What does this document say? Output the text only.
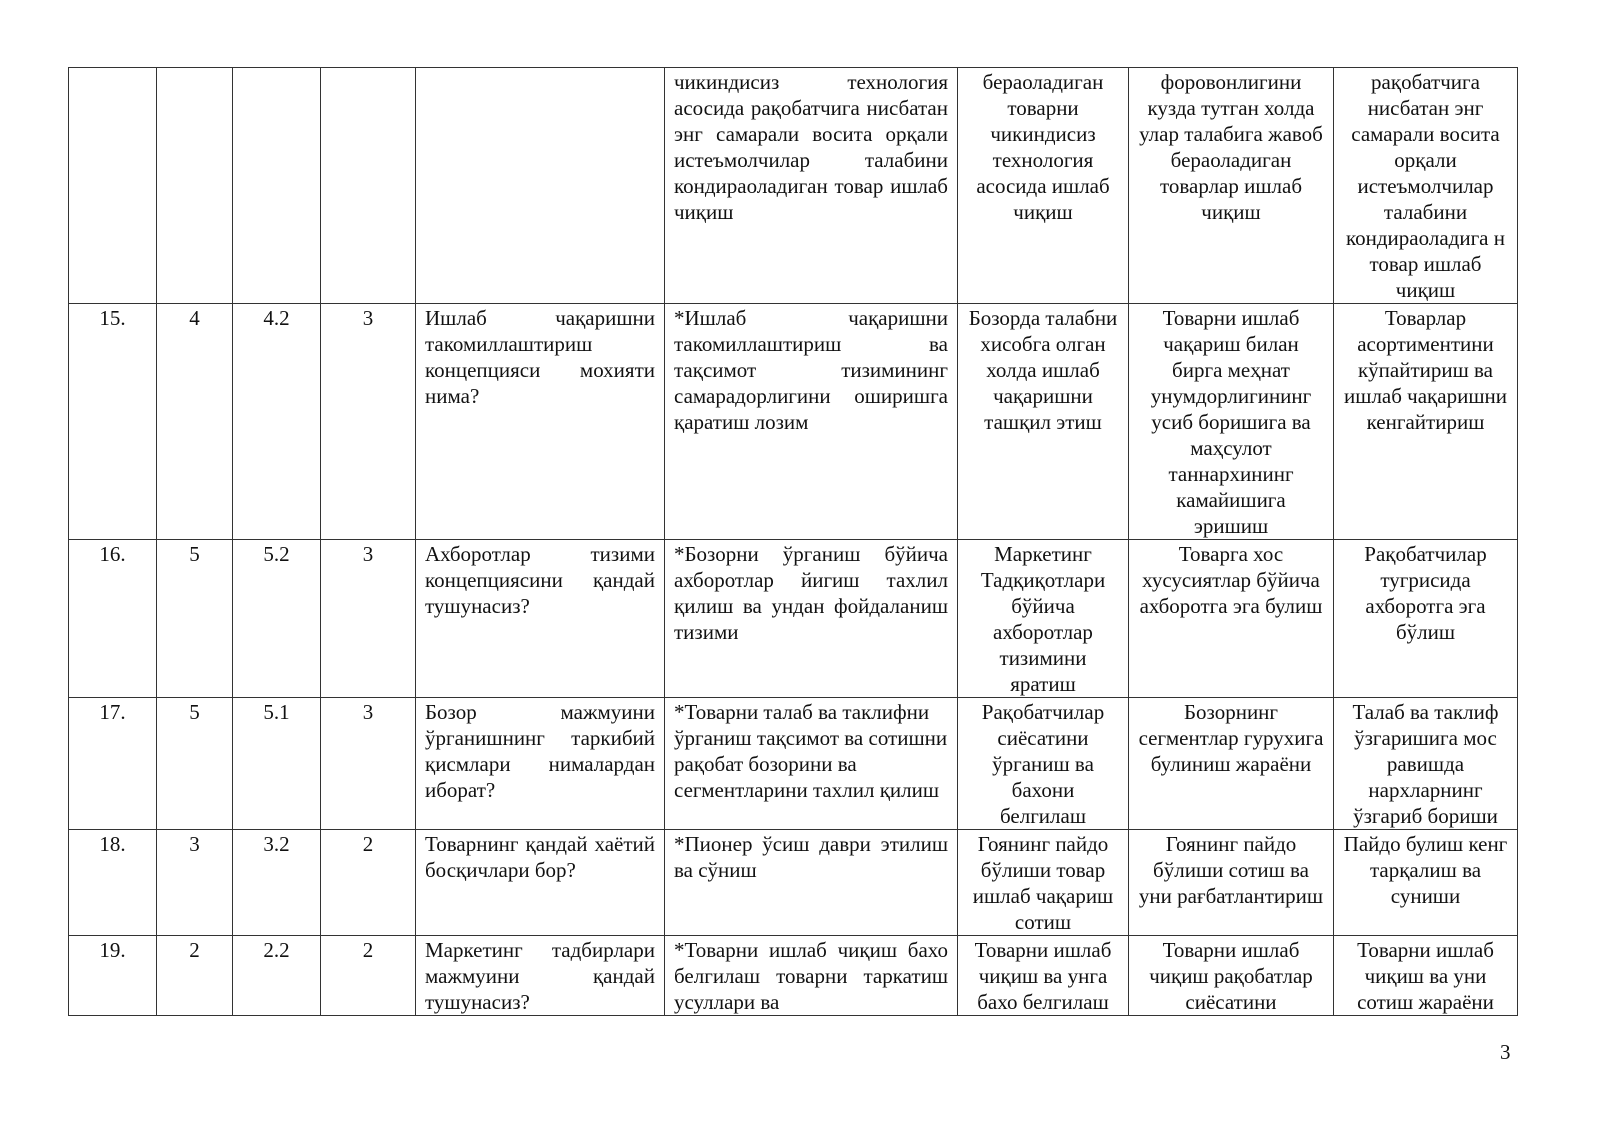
					чикиндисиз технология асосида рақобатчига нисбатан энг самарали восита орқали истеъмолчилар талабини кондираоладиган товар ишлаб чиқиш	бераоладиган товарни чикиндисиз технология асосида ишлаб чиқиш	форовонлигини кузда тутган холда улар талабига жавоб бераоладиган товарлар ишлаб чиқиш	рақобатчига нисбатан энг самарали восита орқали истеъмолчилар талабини кондираоладига н товар ишлаб чиқиш
15.	4	4.2	3	Ишлаб чақаришни такомиллаштириш концепцияси мохияти нима?	*Ишлаб чақаришни такомиллаштириш ва тақсимот тизимининг самарадорлигини оширишга қаратиш лозим	Бозорда талабни хисобга олган холда ишлаб чақаришни ташқил этиш	Товарни ишлаб чақариш билан бирга меҳнат унумдорлигининг усиб боришига ва маҳсулот таннархининг камайишига эришиш	Товарлар асортиментини кўпайтириш ва ишлаб чақаришни кенгайтириш
16.	5	5.2	3	Ахборотлар тизими концепциясини қандай тушунасиз?	*Бозорни ўрганиш бўйича ахборотлар йигиш тахлил қилиш ва ундан фойдаланиш тизими	Маркетинг Тадқиқотлари бўйича ахборотлар тизимини яратиш	Товарга хос хусусиятлар бўйича ахборотга эга булиш	Рақобатчилар тугрисида ахборотга эга бўлиш
17.	5	5.1	3	Бозор мажмуини ўрганишнинг таркибий қисмлари нималардан иборат?	*Товарни талаб ва таклифни ўрганиш тақсимот ва сотишни рақобат бозорини ва сегментларини тахлил қилиш	Рақобатчилар сиёсатини ўрганиш ва бахони белгилаш	Бозорнинг сегментлар гурухига булиниш жараёни	Талаб ва таклиф ўзгаришига мос равишда нархларнинг ўзгариб бориши
18.	3	3.2	2	Товарнинг қандай хаётий босқичлари бор?	*Пионер ўсиш даври этилиш ва сўниш	Гоянинг пайдо бўлиши товар ишлаб чақариш сотиш	Гоянинг пайдо бўлиши сотиш ва уни рағбатлантириш	Пайдо булиш кенг тарқалиш ва суниши
19.	2	2.2	2	Маркетинг тадбирлари мажмуини қандай тушунасиз?	*Товарни ишлаб чиқиш бахо белгилаш товарни таркатиш усуллари ва	Товарни ишлаб чиқиш ва унга бахо белгилаш	Товарни ишлаб чиқиш рақобатлар сиёсатини	Товарни ишлаб чиқиш ва уни сотиш жараёни
3
